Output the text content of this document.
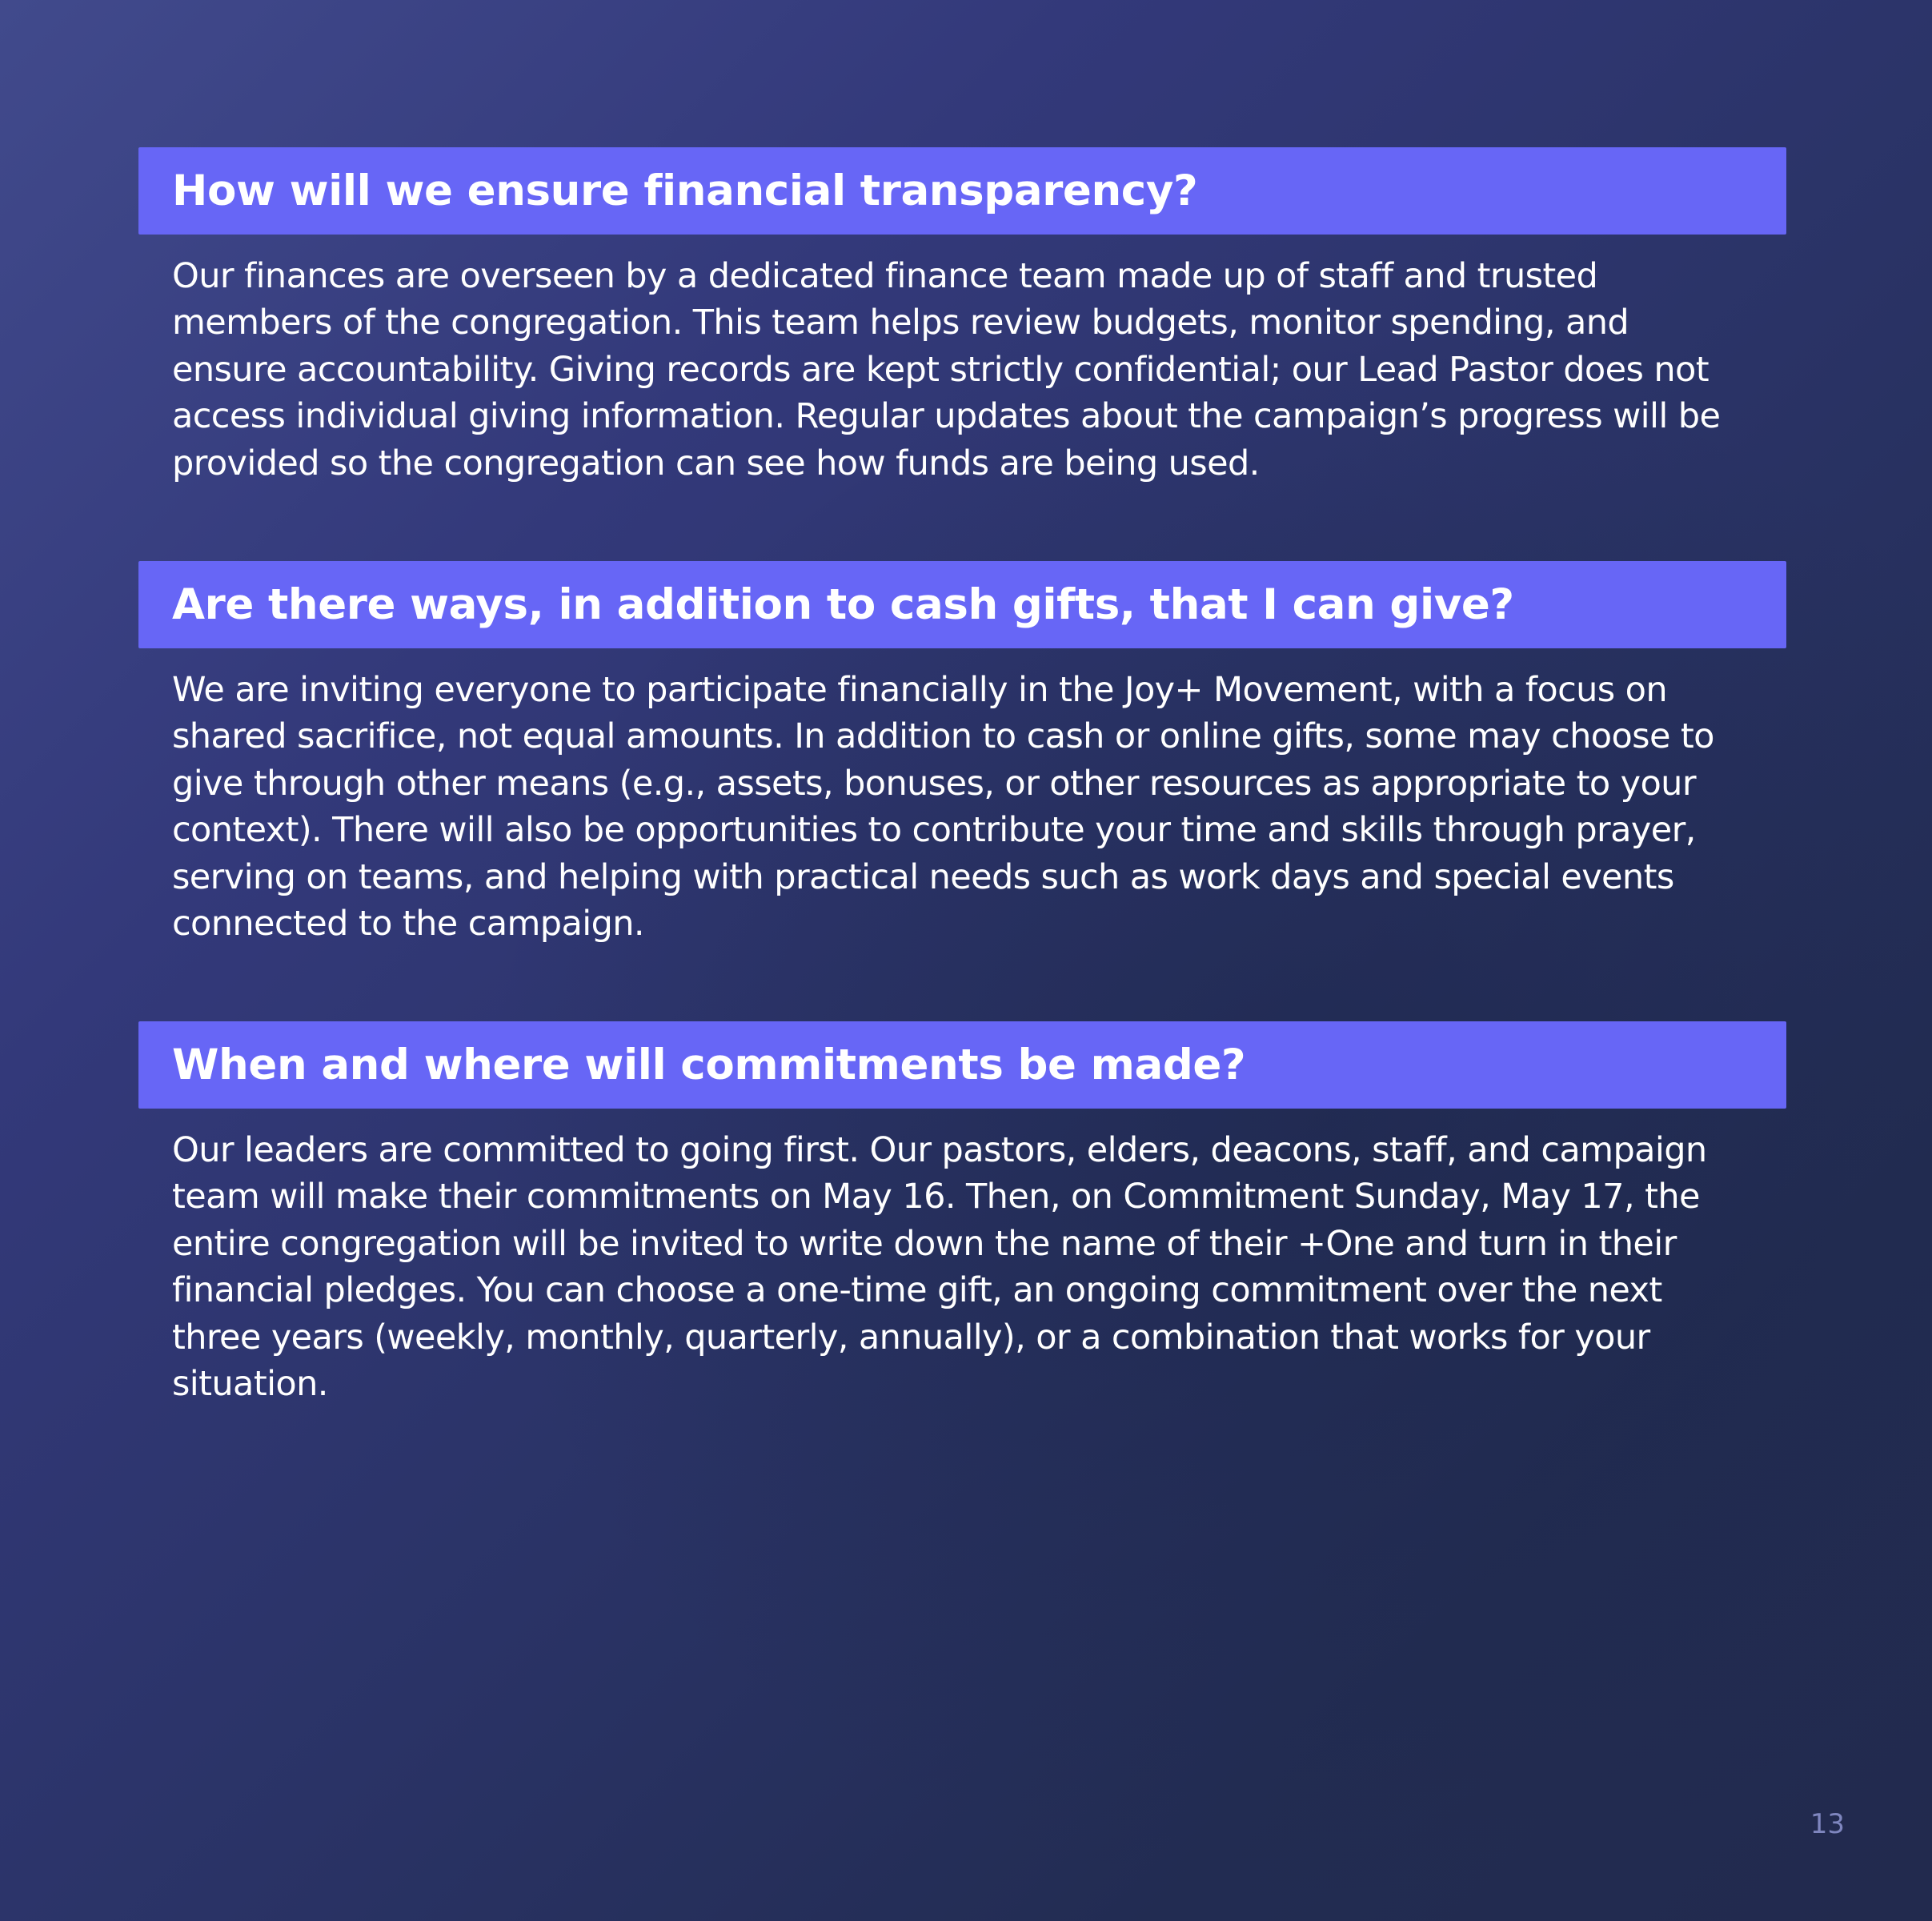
How will we ensure financial transparency?

Our finances are overseen by a dedicated finance team made up of staff and trusted
members of the congregation. This team helps review budgets, monitor spending, and
ensure accountability. Giving records are kept strictly confidential; our Lead Pastor does not
access individual giving information. Regular updates about the campaign’s progress will be
provided so the congregation can see how funds are being used.

Are there ways, in addition to cash gifts, that I can give?

We are inviting everyone to participate financially in the Joy+ Movement, with a focus on
shared sacrifice, not equal amounts. In addition to cash or online gifts, some may choose to
give through other means (e.g., assets, bonuses, or other resources as appropriate to your
context). There will also be opportunities to contribute your time and skills through prayer,
serving on teams, and helping with practical needs such as work days and special events
connected to the campaign.

When and where will commitments be made?

Our leaders are committed to going first. Our pastors, elders, deacons, staff, and campaign
team will make their commitments on May 16. Then, on Commitment Sunday, May 17, the
entire congregation will be invited to write down the name of their +One and turn in their
financial pledges. You can choose a one-time gift, an ongoing commitment over the next
three years (weekly, monthly, quarterly, annually), or a combination that works for your
situation.

13
